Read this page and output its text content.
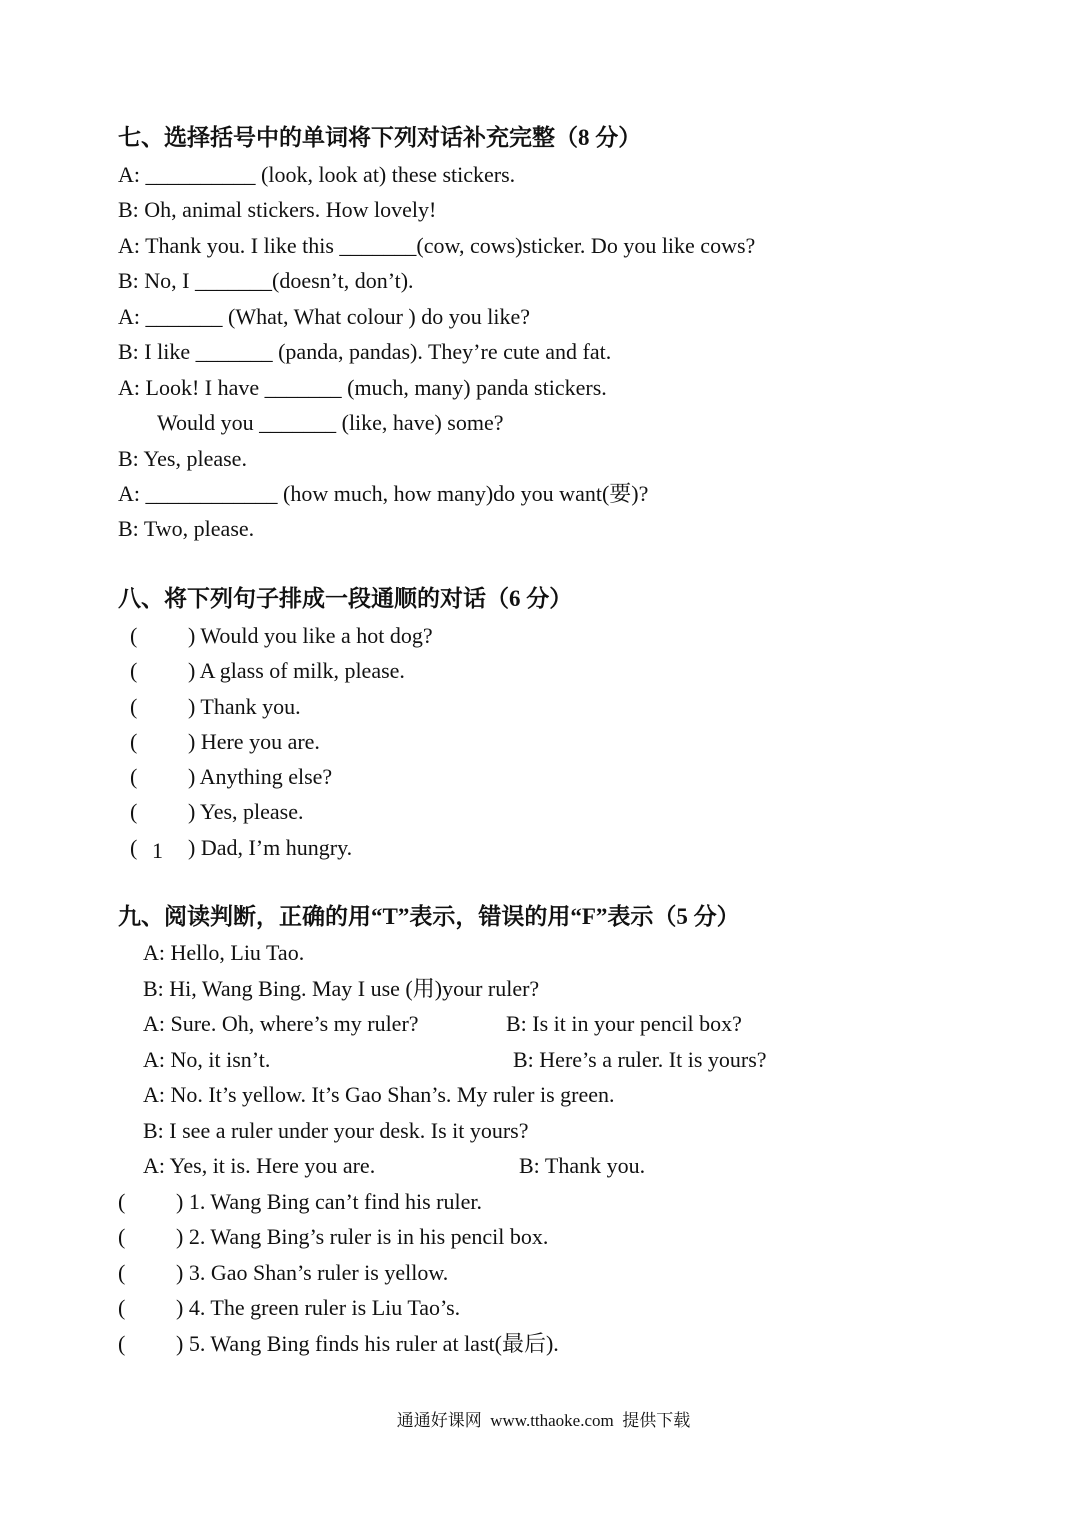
七、选择括号中的单词将下列对话补充完整（8 分）
A: __________ (look, look at) these stickers.
B: Oh, animal stickers. How lovely!
A: Thank you. I like this _______(cow, cows)sticker. Do you like cows?
B: No, I _______(doesn’t, don’t).
A: _______ (What, What colour ) do you like?
B: I like _______ (panda, pandas). They’re cute and fat.
A: Look! I have _______ (much, many) panda stickers.
Would you _______ (like, have) some?
B: Yes, please.
A: ____________ (how much, how many)do you want(要)?
B: Two, please.
八、将下列句子排成一段通顺的对话（6 分）
( ) Would you like a hot dog?
( ) A glass of milk, please.
( ) Thank you.
( ) Here you are.
( ) Anything else?
( ) Yes, please.
( 1 ) Dad, I’m hungry.
九、阅读判断，正确的用“T”表示，错误的用“F”表示（5 分）
A: Hello, Liu Tao.
B: Hi, Wang Bing. May I use (用)your ruler?
A: Sure. Oh, where’s my ruler?	B: Is it in your pencil box?
A: No, it isn’t.	B: Here’s a ruler. It is yours?
A: No. It’s yellow. It’s Gao Shan’s. My ruler is green.
B: I see a ruler under your desk. Is it yours?
A: Yes, it is. Here you are.	B: Thank you.
( ) 1. Wang Bing can’t find his ruler.
( ) 2. Wang Bing’s ruler is in his pencil box.
( ) 3. Gao Shan’s ruler is yellow.
( ) 4. The green ruler is Liu Tao’s.
( ) 5. Wang Bing finds his ruler at last(最后).
通通好课网  www.tthaoke.com  提供下载
